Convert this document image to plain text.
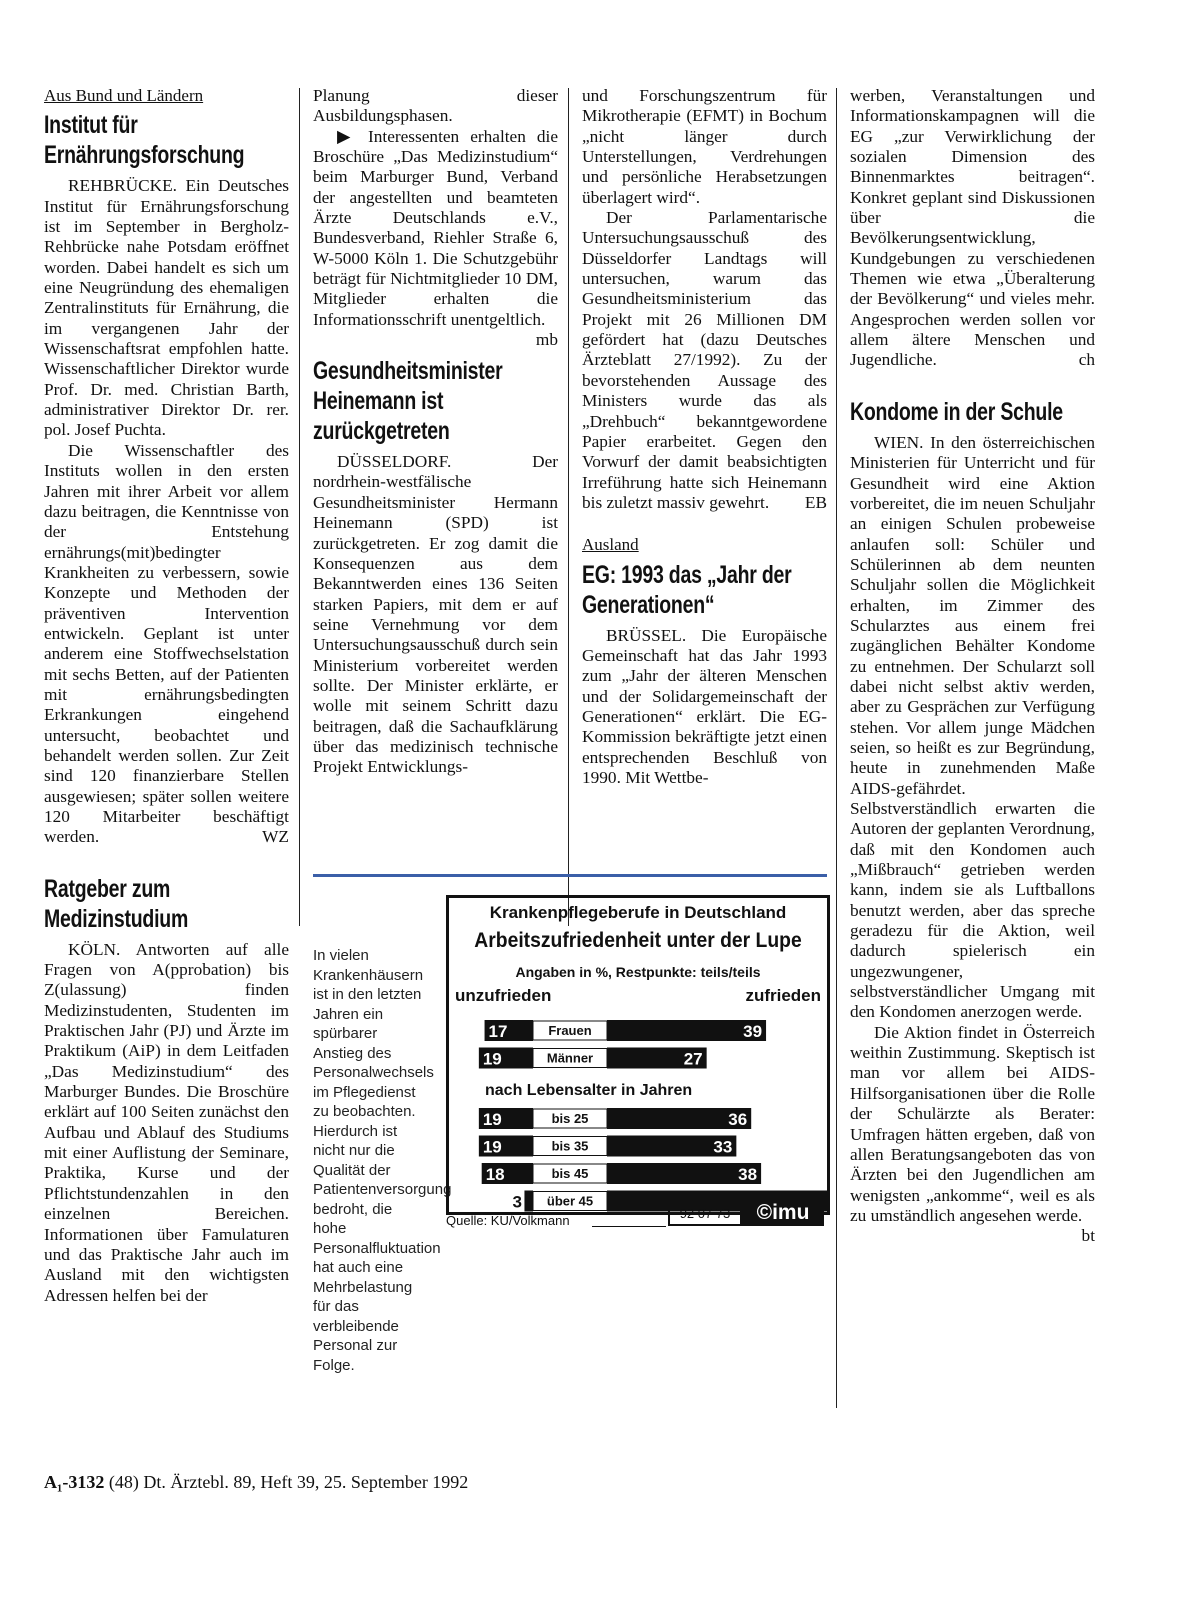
Aus Bund und Ländern
Institut für Ernährungsforschung

REHBRÜCKE. Ein Deutsches Institut für Ernährungsforschung ist im September in Bergholz-Rehbrücke nahe Potsdam eröffnet worden. Dabei handelt es sich um eine Neugründung des ehemaligen Zentralinstituts für Ernährung, die im vergangenen Jahr der Wissenschaftsrat empfohlen hatte. Wissenschaftlicher Direktor wurde Prof. Dr. med. Christian Barth, administrativer Direktor Dr. rer. pol. Josef Puchta.

Die Wissenschaftler des Instituts wollen in den ersten Jahren mit ihrer Arbeit vor allem dazu beitragen, die Kenntnisse von der Entstehung ernährungs(mit)bedingter Krankheiten zu verbessern, sowie Konzepte und Methoden der präventiven Intervention entwickeln. Geplant ist unter anderem eine Stoffwechselstation mit sechs Betten, auf der Patienten mit ernährungsbedingten Erkrankungen eingehend untersucht, beobachtet und behandelt werden sollen. Zur Zeit sind 120 finanzierbare Stellen ausgewiesen; später sollen weitere 120 Mitarbeiter beschäftigt werden.	WZ

Ratgeber zum Medizinstudium

KÖLN. Antworten auf alle Fragen von A(pprobation) bis Z(ulassung) finden Medizinstudenten, Studenten im Praktischen Jahr (PJ) und Ärzte im Praktikum (AiP) in dem Leitfaden „Das Medizinstudium“ des Marburger Bundes. Die Broschüre erklärt auf 100 Seiten zunächst den Aufbau und Ablauf des Studiums mit einer Auflistung der Seminare, Praktika, Kurse und der Pflichtstundenzahlen in den einzelnen Bereichen. Informationen über Famulaturen und das Praktische Jahr auch im Ausland mit den wichtigsten Adressen helfen bei der

Planung dieser Ausbildungsphasen.

▶ Interessenten erhalten die Broschüre „Das Medizinstudium“ beim Marburger Bund, Verband der angestellten und beamteten Ärzte Deutschlands e.V., Bundesverband, Riehler Straße 6, W-5000 Köln 1. Die Schutzgebühr beträgt für Nichtmitglieder 10 DM, Mitglieder erhalten die Informationsschrift unentgeltlich.
mb

Gesundheitsminister Heinemann ist zurückgetreten

DÜSSELDORF. Der nordrhein-westfälische Gesundheitsminister Hermann Heinemann (SPD) ist zurückgetreten. Er zog damit die Konsequenzen aus dem Bekanntwerden eines 136 Seiten starken Papiers, mit dem er auf seine Vernehmung vor dem Untersuchungsausschuß durch sein Ministerium vorbereitet werden sollte. Der Minister erklärte, er wolle mit seinem Schritt dazu beitragen, daß die Sachaufklärung über das medizinisch technische Projekt Entwicklungs-

und Forschungszentrum für Mikrotherapie (EFMT) in Bochum „nicht länger durch Unterstellungen, Verdrehungen und persönliche Herabsetzungen überlagert wird“.

Der Parlamentarische Untersuchungsausschuß des Düsseldorfer Landtags will untersuchen, warum das Gesundheitsministerium das Projekt mit 26 Millionen DM gefördert hat (dazu Deutsches Ärzteblatt 27/1992). Zu der bevorstehenden Aussage des Ministers wurde das als „Drehbuch“ bekanntgewordene Papier erarbeitet. Gegen den Vorwurf der damit beabsichtigten Irreführung hatte sich Heinemann bis zuletzt massiv gewehrt.	EB

Ausland
EG: 1993 das „Jahr der Generationen“

BRÜSSEL. Die Europäische Gemeinschaft hat das Jahr 1993 zum „Jahr der älteren Menschen und der Solidargemeinschaft der Generationen“ erklärt. Die EG-Kommission bekräftigte jetzt einen entsprechenden Beschluß von 1990. Mit Wettbe-

werben, Veranstaltungen und Informationskampagnen will die EG „zur Verwirklichung der sozialen Dimension des Binnenmarktes beitragen“. Konkret geplant sind Diskussionen über die Bevölkerungsentwicklung, Kundgebungen zu verschiedenen Themen wie etwa „Überalterung der Bevölkerung“ und vieles mehr. Angesprochen werden sollen vor allem ältere Menschen und Jugendliche.	ch

Kondome in der Schule

WIEN. In den österreichischen Ministerien für Unterricht und für Gesundheit wird eine Aktion vorbereitet, die im neuen Schuljahr an einigen Schulen probeweise anlaufen soll: Schüler und Schülerinnen ab dem neunten Schuljahr sollen die Möglichkeit erhalten, im Zimmer des Schularztes aus einem frei zugänglichen Behälter Kondome zu entnehmen. Der Schularzt soll dabei nicht selbst aktiv werden, aber zu Gesprächen zur Verfügung stehen. Vor allem junge Mädchen seien, so heißt es zur Begründung, heute in zunehmenden Maße AIDS-gefährdet. Selbstverständlich erwarten die Autoren der geplanten Verordnung, daß mit den Kondomen auch „Mißbrauch“ getrieben werden kann, indem sie als Luftballons benutzt werden, aber das spreche geradezu für die Aktion, weil dadurch spielerisch ein ungezwungener, selbstverständlicher Umgang mit den Kondomen anerzogen werde.

Die Aktion findet in Österreich weithin Zustimmung. Skeptisch ist man vor allem bei AIDS-Hilfsorganisationen über die Rolle der Schulärzte als Berater: Umfragen hätten ergeben, daß von allen Beratungsangeboten das von Ärzten bei den Jugendlichen am wenigsten „ankomme“, weil es als zu umständlich angesehen werde.
bt

In vielen Krankenhäusern ist in den letzten Jahren ein spürbarer Anstieg des Personalwechsels im Pflegedienst zu beobachten. Hierdurch ist nicht nur die Qualität der Patientenversorgung bedroht, die hohe Personalfluktuation hat auch eine Mehrbelastung für das verbleibende Personal zur Folge.
Krankenpflegeberufe in Deutschland
Arbeitszufriedenheit unter der Lupe
Angaben in %, Restpunkte: teils/teils
unzufrieden	zufrieden
17	Frauen	39
19	Männer	27
nach Lebensalter in Jahren
19	bis 25	36
19	bis 35	33
18	bis 45	38
3 über 45
Quelle: KU/Volkmann	92 07 73	©imu
A₁-3132 (48) Dt. Ärztebl. 89, Heft 39, 25. September 1992
